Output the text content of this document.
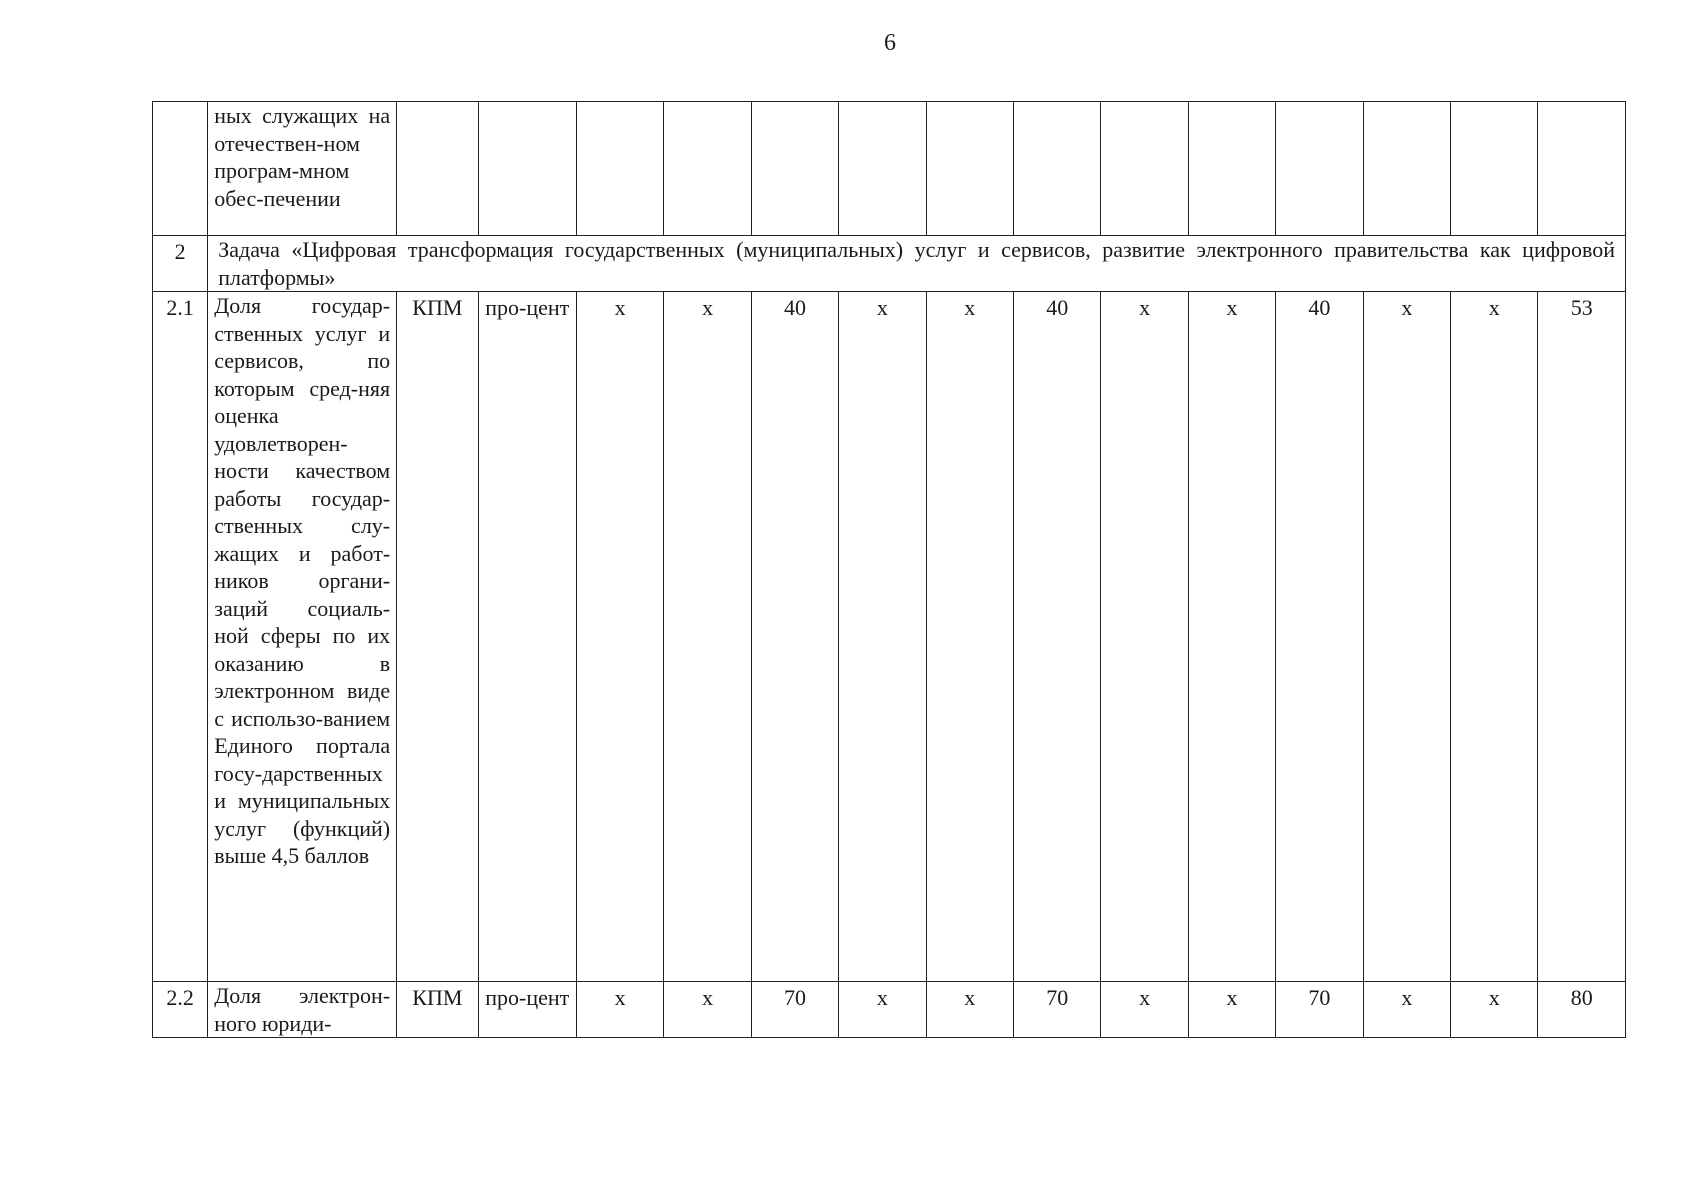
6
	ных служащих на отечествен-ном програм-мном обес-печении														
2	Задача «Цифровая трансформация государственных (муниципальных) услуг и сервисов, развитие электронного правительства как цифровой платформы»														
2.1	Доля государ-ственных услуг и сервисов, по которым сред-няя оценка удовлетворен-ности качеством работы государ-ственных слу-жащих и работ-ников органи-заций социаль-ной сферы по их оказанию в электронном виде с использо-ванием Единого портала госу-дарственных и муниципальных услуг (функций) выше 4,5 баллов	КПМ	про-цент	х	х	40	х	х	40	х	х	40	х	х	53
2.2	Доля электрон-ного юриди-	КПМ	про-цент	х	х	70	х	х	70	х	х	70	х	х	80
